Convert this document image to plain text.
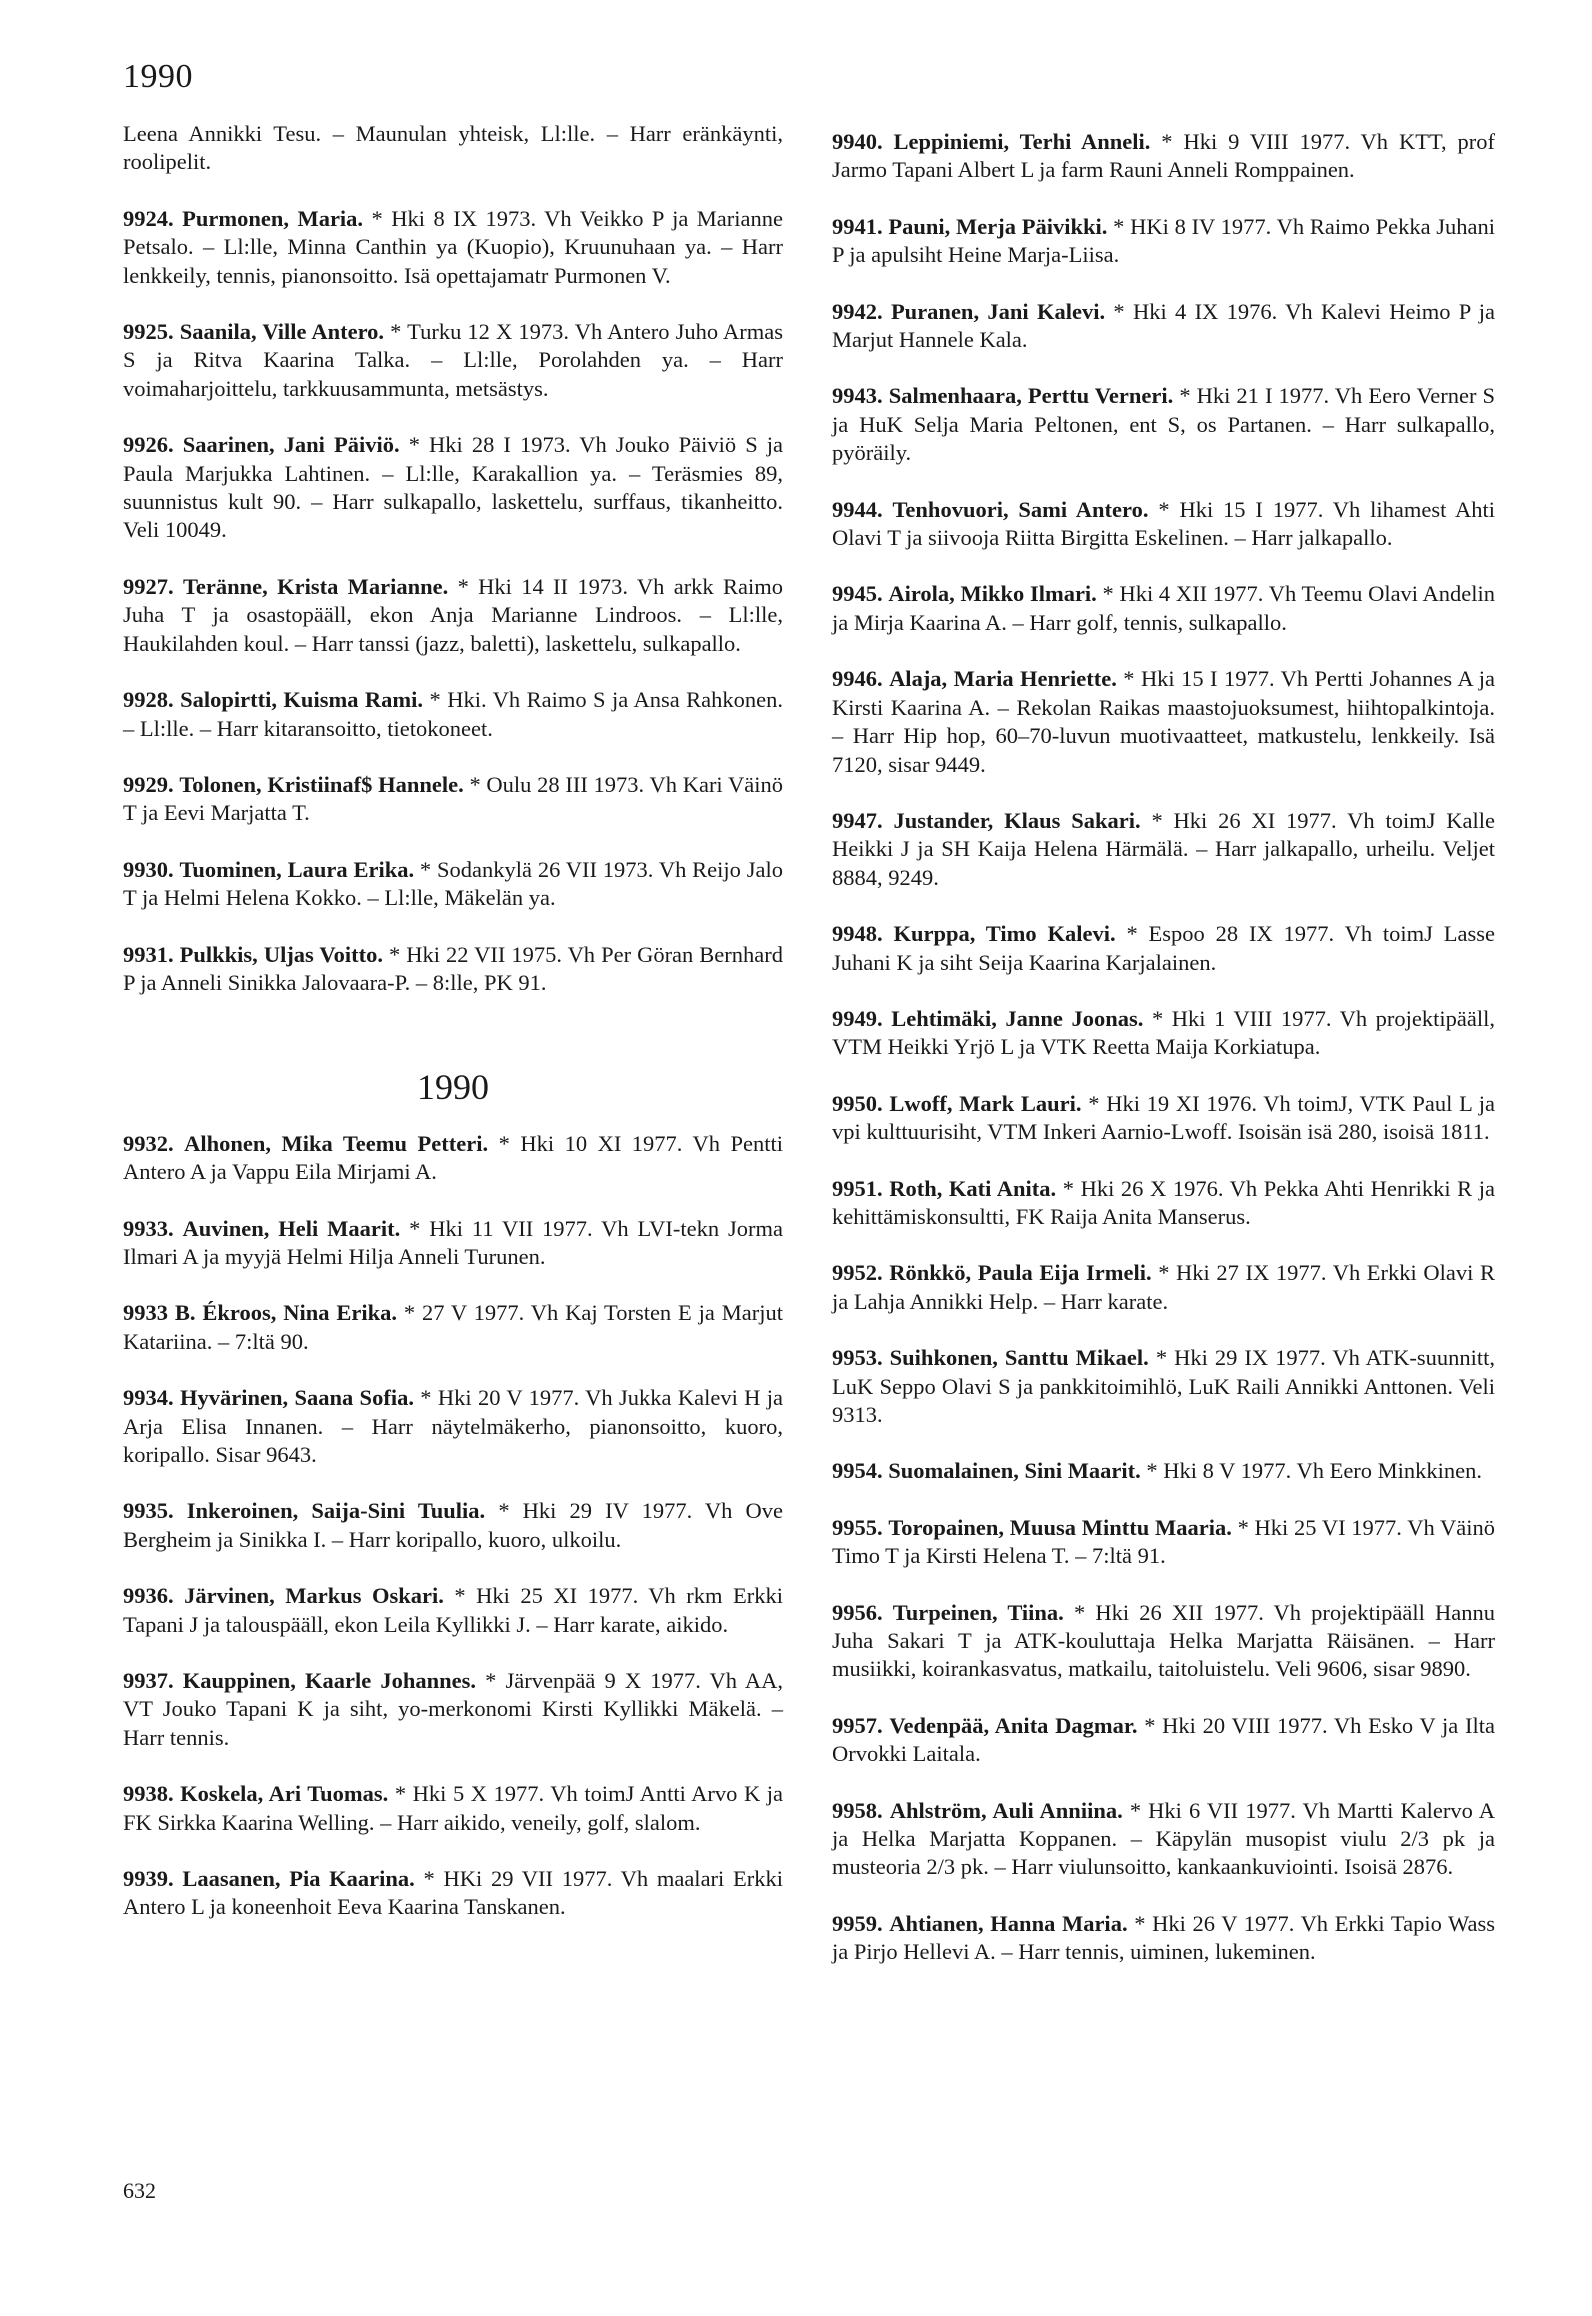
1990

Leena Annikki Tesu. – Maunulan yhteisk, Ll:lle. – Harr eränkäynti, roolipelit.

9924. Purmonen, Maria. * Hki 8 IX 1973. Vh Veikko P ja Marianne Petsalo. – Ll:lle, Minna Canthin ya (Kuopio), Kruunuhaan ya. – Harr lenkkeily, tennis, pianonsoitto. Isä opettajamatr Purmonen V.

9925. Saanila, Ville Antero. * Turku 12 X 1973. Vh Antero Juho Armas S ja Ritva Kaarina Talka. – Ll:lle, Porolahden ya. – Harr voimaharjoittelu, tarkkuusammunta, metsästys.

9926. Saarinen, Jani Päiviö. * Hki 28 I 1973. Vh Jouko Päiviö S ja Paula Marjukka Lahtinen. – Ll:lle, Karakallion ya. – Teräsmies 89, suunnistus kult 90. – Harr sulkapallo, laskettelu, surffaus, tikanheitto. Veli 10049.

9927. Teränne, Krista Marianne. * Hki 14 II 1973. Vh arkk Raimo Juha T ja osastopääll, ekon Anja Marianne Lindroos. – Ll:lle, Haukilahden koul. – Harr tanssi (jazz, baletti), laskettelu, sulkapallo.

9928. Salopirtti, Kuisma Rami. * Hki. Vh Raimo S ja Ansa Rahkonen. – Ll:lle. – Harr kitaransoitto, tietokoneet.

9929. Tolonen, Kristiinaf$ Hannele. * Oulu 28 III 1973. Vh Kari Väinö T ja Eevi Marjatta T.

9930. Tuominen, Laura Erika. * Sodankylä 26 VII 1973. Vh Reijo Jalo T ja Helmi Helena Kokko. – Ll:lle, Mäkelän ya.

9931. Pulkkis, Uljas Voitto. * Hki 22 VII 1975. Vh Per Göran Bernhard P ja Anneli Sinikka Jalovaara-P. – 8:lle, PK 91.

1990

9932. Alhonen, Mika Teemu Petteri. * Hki 10 XI 1977. Vh Pentti Antero A ja Vappu Eila Mirjami A.

9933. Auvinen, Heli Maarit. * Hki 11 VII 1977. Vh LVI-tekn Jorma Ilmari A ja myyjä Helmi Hilja Anneli Turunen.

9933 B. Ékroos, Nina Erika. * 27 V 1977. Vh Kaj Torsten E ja Marjut Katariina. – 7:ltä 90.

9934. Hyvärinen, Saana Sofia. * Hki 20 V 1977. Vh Jukka Kalevi H ja Arja Elisa Innanen. – Harr näytelmäkerho, pianonsoitto, kuoro, koripallo. Sisar 9643.

9935. Inkeroinen, Saija-Sini Tuulia. * Hki 29 IV 1977. Vh Ove Bergheim ja Sinikka I. – Harr koripallo, kuoro, ulkoilu.

9936. Järvinen, Markus Oskari. * Hki 25 XI 1977. Vh rkm Erkki Tapani J ja talouspääll, ekon Leila Kyllikki J. – Harr karate, aikido.

9937. Kauppinen, Kaarle Johannes. * Järvenpää 9 X 1977. Vh AA, VT Jouko Tapani K ja siht, yo-merkonomi Kirsti Kyllikki Mäkelä. – Harr tennis.

9938. Koskela, Ari Tuomas. * Hki 5 X 1977. Vh toimJ Antti Arvo K ja FK Sirkka Kaarina Welling. – Harr aikido, veneily, golf, slalom.

9939. Laasanen, Pia Kaarina. * HKi 29 VII 1977. Vh maalari Erkki Antero L ja koneenhoit Eeva Kaarina Tanskanen.

9940. Leppiniemi, Terhi Anneli. * Hki 9 VIII 1977. Vh KTT, prof Jarmo Tapani Albert L ja farm Rauni Anneli Romppainen.

9941. Pauni, Merja Päivikki. * HKi 8 IV 1977. Vh Raimo Pekka Juhani P ja apulsiht Heine Marja-Liisa.

9942. Puranen, Jani Kalevi. * Hki 4 IX 1976. Vh Kalevi Heimo P ja Marjut Hannele Kala.

9943. Salmenhaara, Perttu Verneri. * Hki 21 I 1977. Vh Eero Verner S ja HuK Selja Maria Peltonen, ent S, os Partanen. – Harr sulkapallo, pyöräily.

9944. Tenhovuori, Sami Antero. * Hki 15 I 1977. Vh lihamest Ahti Olavi T ja siivooja Riitta Birgitta Eskelinen. – Harr jalkapallo.

9945. Airola, Mikko Ilmari. * Hki 4 XII 1977. Vh Teemu Olavi Andelin ja Mirja Kaarina A. – Harr golf, tennis, sulkapallo.

9946. Alaja, Maria Henriette. * Hki 15 I 1977. Vh Pertti Johannes A ja Kirsti Kaarina A. – Rekolan Raikas maastojuoksumest, hiihtopalkintoja. – Harr Hip hop, 60–70-luvun muotivaatteet, matkustelu, lenkkeily. Isä 7120, sisar 9449.

9947. Justander, Klaus Sakari. * Hki 26 XI 1977. Vh toimJ Kalle Heikki J ja SH Kaija Helena Härmälä. – Harr jalkapallo, urheilu. Veljet 8884, 9249.

9948. Kurppa, Timo Kalevi. * Espoo 28 IX 1977. Vh toimJ Lasse Juhani K ja siht Seija Kaarina Karjalainen.

9949. Lehtimäki, Janne Joonas. * Hki 1 VIII 1977. Vh projektipääll, VTM Heikki Yrjö L ja VTK Reetta Maija Korkiatupa.

9950. Lwoff, Mark Lauri. * Hki 19 XI 1976. Vh toimJ, VTK Paul L ja vpi kulttuurisiht, VTM Inkeri Aarnio-Lwoff. Isoisän isä 280, isoisä 1811.

9951. Roth, Kati Anita. * Hki 26 X 1976. Vh Pekka Ahti Henrikki R ja kehittämiskonsultti, FK Raija Anita Manserus.

9952. Rönkkö, Paula Eija Irmeli. * Hki 27 IX 1977. Vh Erkki Olavi R ja Lahja Annikki Help. – Harr karate.

9953. Suihkonen, Santtu Mikael. * Hki 29 IX 1977. Vh ATK-suunnitt, LuK Seppo Olavi S ja pankkitoimihlö, LuK Raili Annikki Anttonen. Veli 9313.

9954. Suomalainen, Sini Maarit. * Hki 8 V 1977. Vh Eero Minkkinen.

9955. Toropainen, Muusa Minttu Maaria. * Hki 25 VI 1977. Vh Väinö Timo T ja Kirsti Helena T. – 7:ltä 91.

9956. Turpeinen, Tiina. * Hki 26 XII 1977. Vh projektipääll Hannu Juha Sakari T ja ATK-kouluttaja Helka Marjatta Räisänen. – Harr musiikki, koirankasvatus, matkailu, taitoluistelu. Veli 9606, sisar 9890.

9957. Vedenpää, Anita Dagmar. * Hki 20 VIII 1977. Vh Esko V ja Ilta Orvokki Laitala.

9958. Ahlström, Auli Anniina. * Hki 6 VII 1977. Vh Martti Kalervo A ja Helka Marjatta Koppanen. – Käpylän musopist viulu 2/3 pk ja musteoria 2/3 pk. – Harr viulunsoitto, kankaankuviointi. Isoisä 2876.

9959. Ahtianen, Hanna Maria. * Hki 26 V 1977. Vh Erkki Tapio Wass ja Pirjo Hellevi A. – Harr tennis, uiminen, lukeminen.

632
